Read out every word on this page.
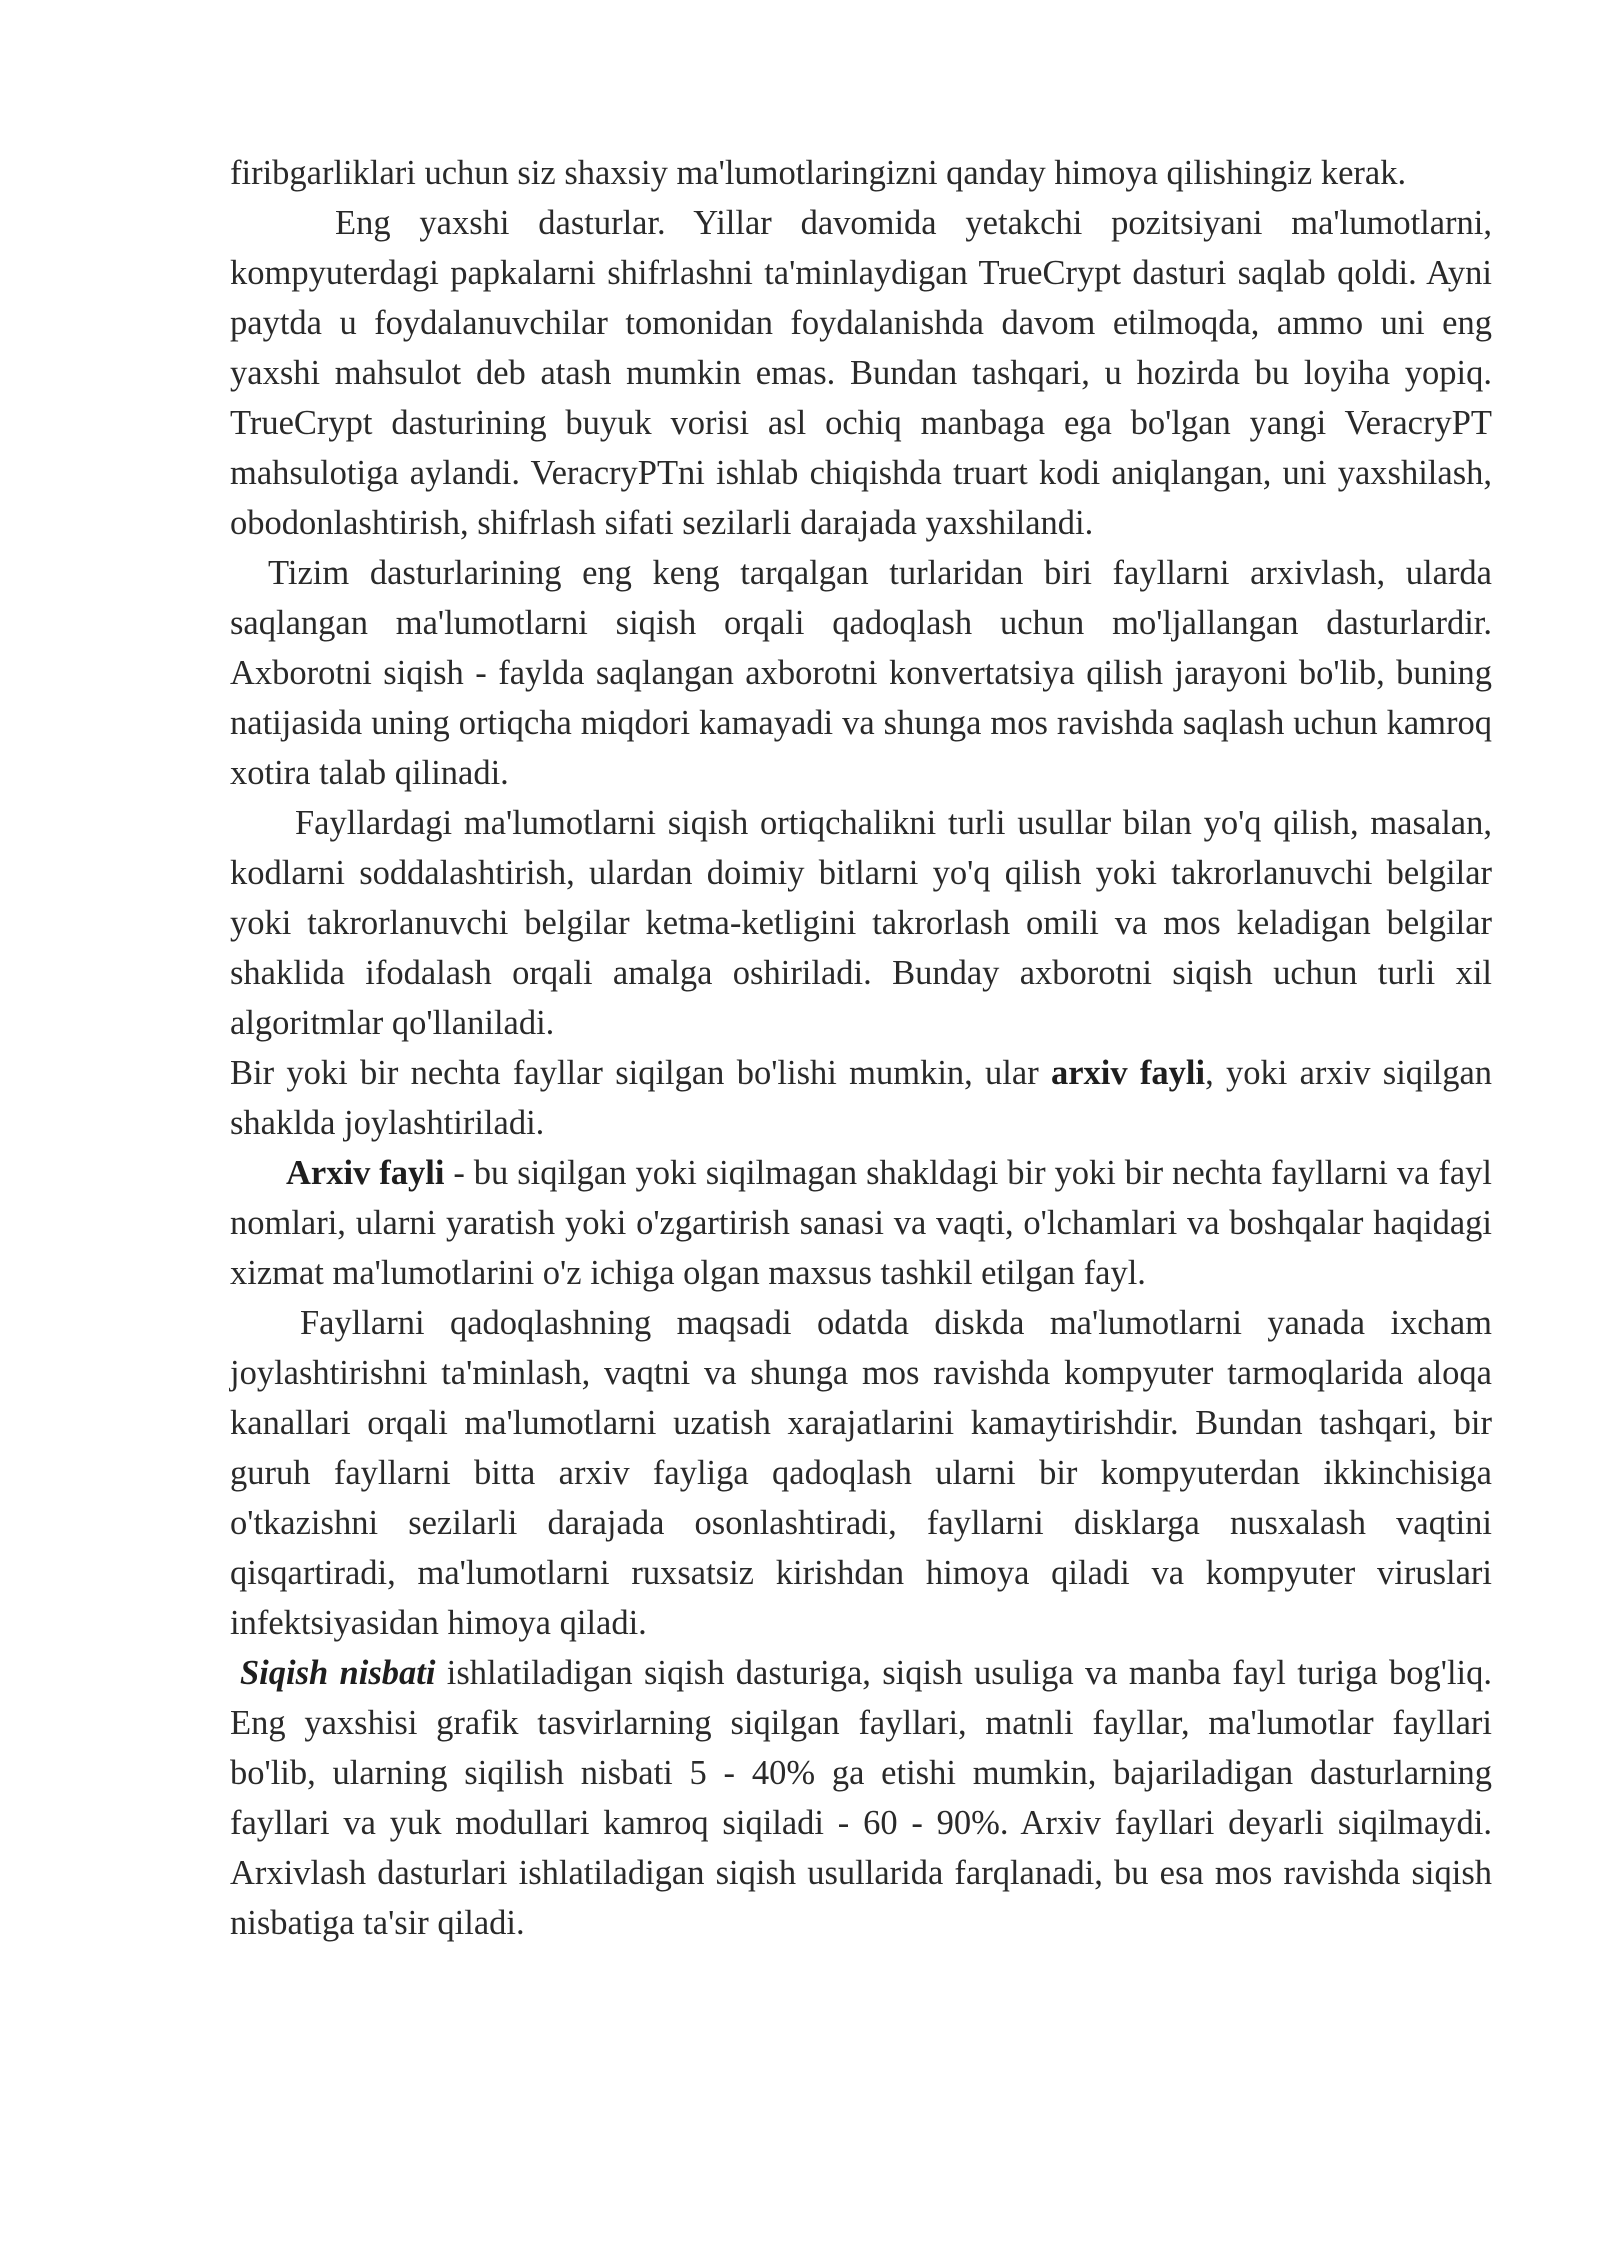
firibgarliklari uchun siz shaxsiy ma'lumotlaringizni qanday himoya qilishingiz kerak.

Eng yaxshi dasturlar. Yillar davomida yetakchi pozitsiyani ma'lumotlarni, kompyuterdagi papkalarni shifrlashni ta'minlaydigan TrueCrypt dasturi saqlab qoldi. Ayni paytda u foydalanuvchilar tomonidan foydalanishda davom etilmoqda, ammo uni eng yaxshi mahsulot deb atash mumkin emas. Bundan tashqari, u hozirda bu loyiha yopiq. TrueCrypt dasturining buyuk vorisi asl ochiq manbaga ega bo'lgan yangi VeracryPT mahsulotiga aylandi. VeracryPTni ishlab chiqishda truart kodi aniqlangan, uni yaxshilash, obodonlashtirish, shifrlash sifati sezilarli darajada yaxshilandi.

Tizim dasturlarining eng keng tarqalgan turlaridan biri fayllarni arxivlash, ularda saqlangan ma'lumotlarni siqish orqali qadoqlash uchun mo'ljallangan dasturlardir. Axborotni siqish - faylda saqlangan axborotni konvertatsiya qilish jarayoni bo'lib, buning natijasida uning ortiqcha miqdori kamayadi va shunga mos ravishda saqlash uchun kamroq xotira talab qilinadi.

Fayllardagi ma'lumotlarni siqish ortiqchalikni turli usullar bilan yo'q qilish, masalan, kodlarni soddalashtirish, ulardan doimiy bitlarni yo'q qilish yoki takrorlanuvchi belgilar yoki takrorlanuvchi belgilar ketma-ketligini takrorlash omili va mos keladigan belgilar shaklida ifodalash orqali amalga oshiriladi. Bunday axborotni siqish uchun turli xil algoritmlar qo'llaniladi.

Bir yoki bir nechta fayllar siqilgan bo'lishi mumkin, ular arxiv fayli, yoki arxiv siqilgan shaklda joylashtiriladi.

Arxiv fayli - bu siqilgan yoki siqilmagan shakldagi bir yoki bir nechta fayllarni va fayl nomlari, ularni yaratish yoki o'zgartirish sanasi va vaqti, o'lchamlari va boshqalar haqidagi xizmat ma'lumotlarini o'z ichiga olgan maxsus tashkil etilgan fayl.

Fayllarni qadoqlashning maqsadi odatda diskda ma'lumotlarni yanada ixcham joylashtirishni ta'minlash, vaqtni va shunga mos ravishda kompyuter tarmoqlarida aloqa kanallari orqali ma'lumotlarni uzatish xarajatlarini kamaytirishdir. Bundan tashqari, bir guruh fayllarni bitta arxiv fayliga qadoqlash ularni bir kompyuterdan ikkinchisiga o'tkazishni sezilarli darajada osonlashtiradi, fayllarni disklarga nusxalash vaqtini qisqartiradi, ma'lumotlarni ruxsatsiz kirishdan himoya qiladi va kompyuter viruslari infektsiyasidan himoya qiladi.

Siqish nisbati ishlatiladigan siqish dasturiga, siqish usuliga va manba fayl turiga bog'liq. Eng yaxshisi grafik tasvirlarning siqilgan fayllari, matnli fayllar, ma'lumotlar fayllari bo'lib, ularning siqilish nisbati 5 - 40% ga etishi mumkin, bajariladigan dasturlarning fayllari va yuk modullari kamroq siqiladi - 60 - 90%. Arxiv fayllari deyarli siqilmaydi. Arxivlash dasturlari ishlatiladigan siqish usullarida farqlanadi, bu esa mos ravishda siqish nisbatiga ta'sir qiladi.
